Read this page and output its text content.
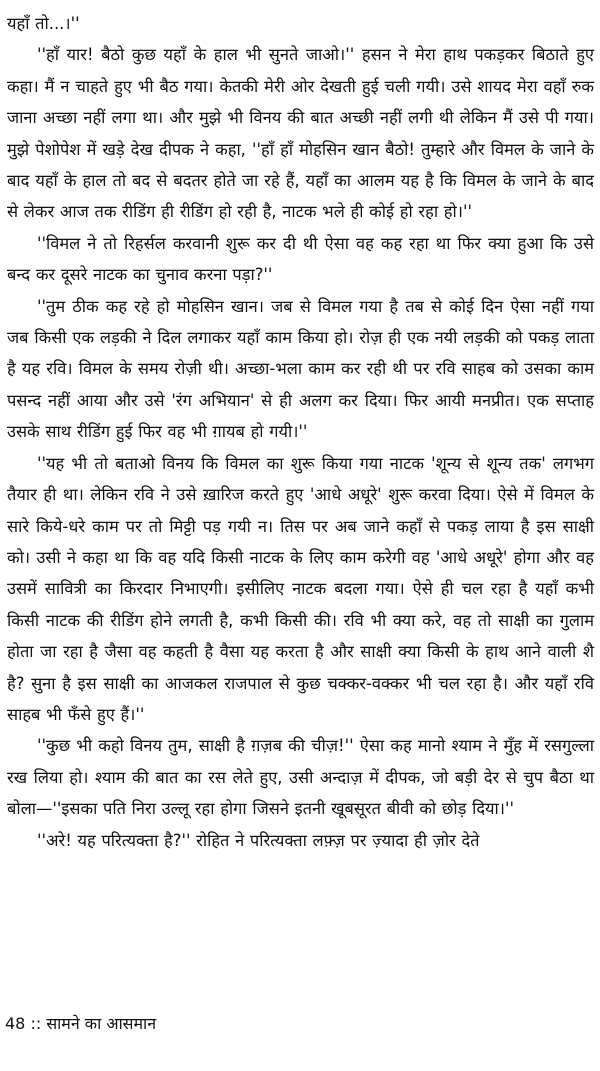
यहाँ तो...।''

''हाँ यार! बैठो कुछ यहाँ के हाल भी सुनते जाओ।'' हसन ने मेरा हाथ पकड़कर बिठाते हुए कहा। मैं न चाहते हुए भी बैठ गया। केतकी मेरी ओर देखती हुई चली गयी। उसे शायद मेरा वहाँ रुक जाना अच्छा नहीं लगा था। और मुझे भी विनय की बात अच्छी नहीं लगी थी लेकिन मैं उसे पी गया। मुझे पेशोपेश में खड़े देख दीपक ने कहा, ''हाँ हाँ मोहसिन खान बैठो! तुम्हारे और विमल के जाने के बाद यहाँ के हाल तो बद से बदतर होते जा रहे हैं, यहाँ का आलम यह है कि विमल के जाने के बाद से लेकर आज तक रीडिंग ही रीडिंग हो रही है, नाटक भले ही कोई हो रहा हो।''

''विमल ने तो रिहर्सल करवानी शुरू कर दी थी ऐसा वह कह रहा था फिर क्या हुआ कि उसे बन्द कर दूसरे नाटक का चुनाव करना पड़ा?''

''तुम ठीक कह रहे हो मोहसिन खान। जब से विमल गया है तब से कोई दिन ऐसा नहीं गया जब किसी एक लड़की ने दिल लगाकर यहाँ काम किया हो। रोज़ ही एक नयी लड़की को पकड़ लाता है यह रवि। विमल के समय रोज़ी थी। अच्छा-भला काम कर रही थी पर रवि साहब को उसका काम पसन्द नहीं आया और उसे 'रंग अभियान' से ही अलग कर दिया। फिर आयी मनप्रीत। एक सप्ताह उसके साथ रीडिंग हुई फिर वह भी ग़ायब हो गयी।''

''यह भी तो बताओ विनय कि विमल का शुरू किया गया नाटक 'शून्य से शून्य तक' लगभग तैयार ही था। लेकिन रवि ने उसे ख़ारिज करते हुए 'आधे अधूरे' शुरू करवा दिया। ऐसे में विमल के सारे किये-धरे काम पर तो मिट्टी पड़ गयी न। तिस पर अब जाने कहाँ से पकड़ लाया है इस साक्षी को। उसी ने कहा था कि वह यदि किसी नाटक के लिए काम करेगी वह 'आधे अधूरे' होगा और वह उसमें सावित्री का किरदार निभाएगी। इसीलिए नाटक बदला गया। ऐसे ही चल रहा है यहाँ कभी किसी नाटक की रीडिंग होने लगती है, कभी किसी की। रवि भी क्या करे, वह तो साक्षी का गुलाम होता जा रहा है जैसा वह कहती है वैसा यह करता है और साक्षी क्या किसी के हाथ आने वाली शै है? सुना है इस साक्षी का आजकल राजपाल से कुछ चक्कर-वक्कर भी चल रहा है। और यहाँ रवि साहब भी फँसे हुए हैं।''

''कुछ भी कहो विनय तुम, साक्षी है ग़ज़ब की चीज़!'' ऐसा कह मानो श्याम ने मुँह में रसगुल्ला रख लिया हो। श्याम की बात का रस लेते हुए, उसी अन्दाज़ में दीपक, जो बड़ी देर से चुप बैठा था बोला—''इसका पति निरा उल्लू रहा होगा जिसने इतनी खूबसूरत बीवी को छोड़ दिया।''

''अरे! यह परित्यक्ता है?'' रोहित ने परित्यक्ता लफ़्ज़ पर ज़्यादा ही ज़ोर देते

48 :: सामने का आसमान
